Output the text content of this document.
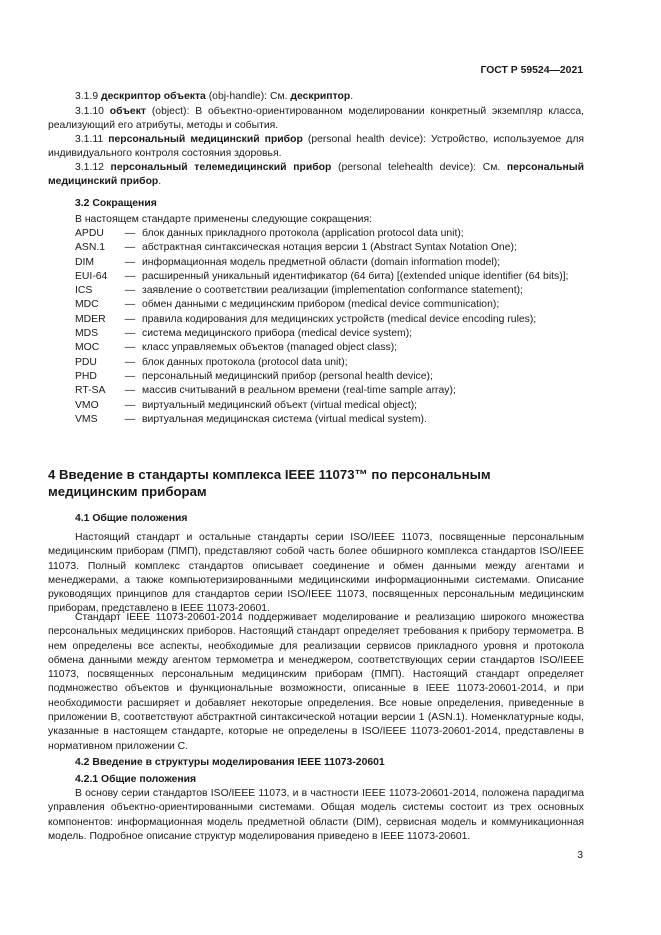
ГОСТ Р 59524—2021
3.1.9 дескриптор объекта (obj-handle): См. дескриптор.
3.1.10 объект (object): В объектно-ориентированном моделировании конкретный экземпляр класса, реализующий его атрибуты, методы и события.
3.1.11 персональный медицинский прибор (personal health device): Устройство, используемое для индивидуального контроля состояния здоровья.
3.1.12 персональный телемедицинский прибор (personal telehealth device): См. персональный медицинский прибор.
3.2 Сокращения
В настоящем стандарте применены следующие сокращения:
APDU	— блок данных прикладного протокола (application protocol data unit);
ASN.1	— абстрактная синтаксическая нотация версии 1 (Abstract Syntax Notation One);
DIM	— информационная модель предметной области (domain information model);
EUI-64	— расширенный уникальный идентификатор (64 бита) [(extended unique identifier (64 bits)];
ICS	— заявление о соответствии реализации (implementation conformance statement);
MDC	— обмен данными с медицинским прибором (medical device communication);
MDER	— правила кодирования для медицинских устройств (medical device encoding rules);
MDS	— система медицинского прибора (medical device system);
MOC	— класс управляемых объектов (managed object class);
PDU	— блок данных протокола (protocol data unit);
PHD	— персональный медицинский прибор (personal health device);
RT-SA	— массив считываний в реальном времени (real-time sample array);
VMO	— виртуальный медицинский объект (virtual medical object);
VMS	— виртуальная медицинская система (virtual medical system).
4 Введение в стандарты комплекса IEEE 11073™ по персональным медицинским приборам
4.1 Общие положения
Настоящий стандарт и остальные стандарты серии ISO/IEEE 11073, посвященные персональным медицинским приборам (ПМП), представляют собой часть более обширного комплекса стандартов ISO/IEEE 11073. Полный комплекс стандартов описывает соединение и обмен данными между агентами и менеджерами, а также компьютеризированными медицинскими информационными системами. Описание руководящих принципов для стандартов серии ISO/IEEE 11073, посвященных персональным медицинским приборам, представлено в IEEE 11073-20601.
Стандарт IEEE 11073-20601-2014 поддерживает моделирование и реализацию широкого множества персональных медицинских приборов. Настоящий стандарт определяет требования к прибору термометра. В нем определены все аспекты, необходимые для реализации сервисов прикладного уровня и протокола обмена данными между агентом термометра и менеджером, соответствующих серии стандартов ISO/IEEE 11073, посвященных персональным медицинским приборам (ПМП). Настоящий стандарт определяет подмножество объектов и функциональные возможности, описанные в IEEE 11073-20601-2014, и при необходимости расширяет и добавляет некоторые определения. Все новые определения, приведенные в приложении В, соответствуют абстрактной синтаксической нотации версии 1 (ASN.1). Номенклатурные коды, указанные в настоящем стандарте, которые не определены в ISO/IEEE 11073-20601-2014, представлены в нормативном приложении С.
4.2 Введение в структуры моделирования IEEE 11073-20601
4.2.1 Общие положения
В основу серии стандартов ISO/IEEE 11073, и в частности IEEE 11073-20601-2014, положена парадигма управления объектно-ориентированными системами. Общая модель системы состоит из трех основных компонентов: информационная модель предметной области (DIM), сервисная модель и коммуникационная модель. Подробное описание структур моделирования приведено в IEEE 11073-20601.
3
